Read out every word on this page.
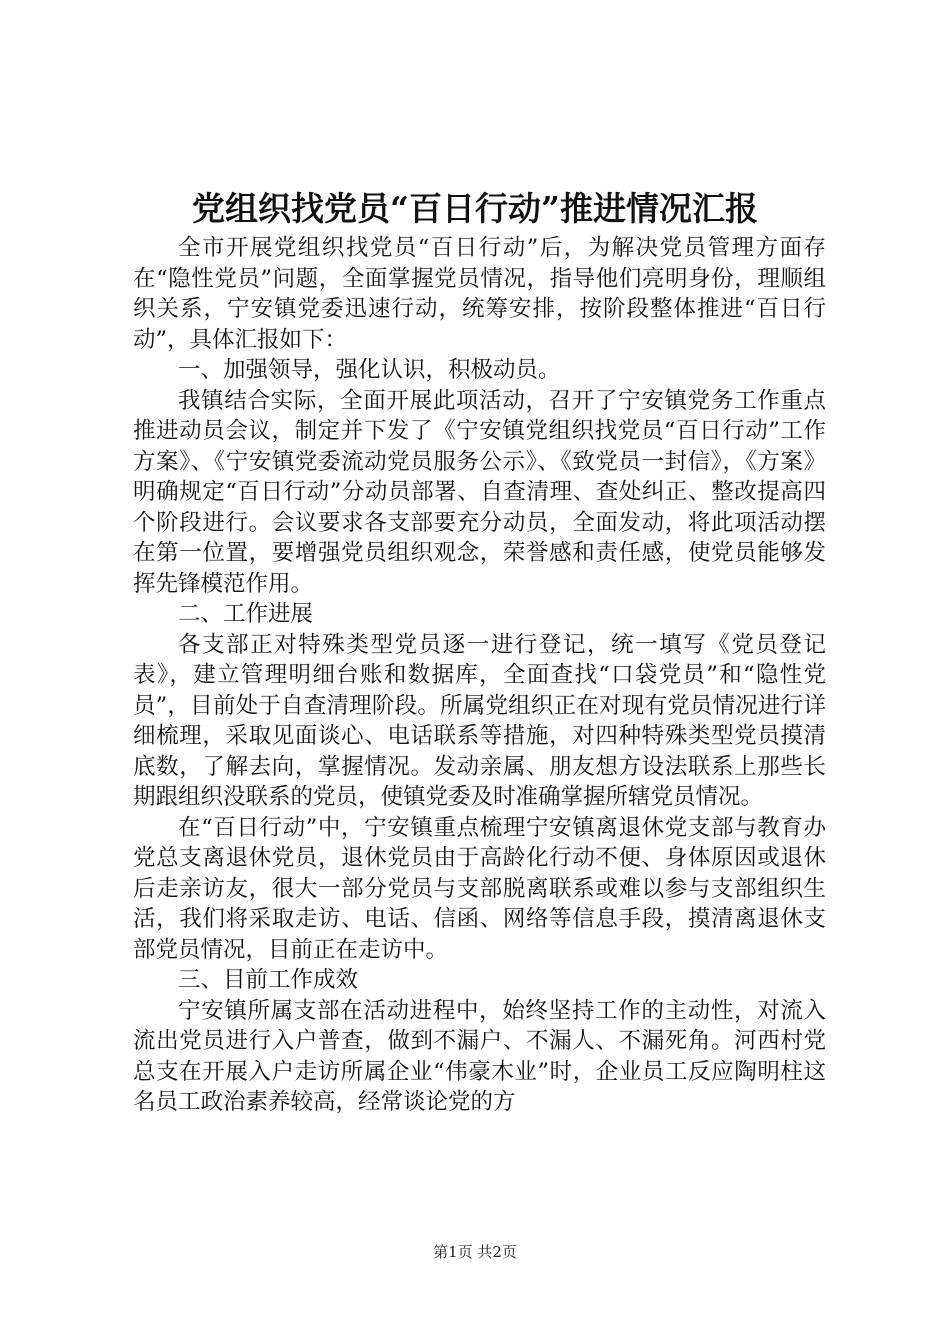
党组织找党员“百日行动”推进情况汇报

全市开展党组织找党员“百日行动”后，为解决党员管理方面存在“隐性党员”问题，全面掌握党员情况，指导他们亮明身份，理顺组织关系，宁安镇党委迅速行动，统筹安排，按阶段整体推进“百日行动”，具体汇报如下：

一、加强领导，强化认识，积极动员。

我镇结合实际，全面开展此项活动，召开了宁安镇党务工作重点推进动员会议，制定并下发了《宁安镇党组织找党员“百日行动”工作方案》、《宁安镇党委流动党员服务公示》、《致党员一封信》，《方案》明确规定“百日行动”分动员部署、自查清理、查处纠正、整改提高四个阶段进行。会议要求各支部要充分动员，全面发动，将此项活动摆在第一位置，要增强党员组织观念，荣誉感和责任感，使党员能够发挥先锋模范作用。

二、工作进展

各支部正对特殊类型党员逐一进行登记，统一填写《党员登记表》，建立管理明细台账和数据库，全面查找“口袋党员”和“隐性党员”，目前处于自查清理阶段。所属党组织正在对现有党员情况进行详细梳理，采取见面谈心、电话联系等措施，对四种特殊类型党员摸清底数，了解去向，掌握情况。发动亲属、朋友想方设法联系上那些长期跟组织没联系的党员，使镇党委及时准确掌握所辖党员情况。

在“百日行动”中，宁安镇重点梳理宁安镇离退休党支部与教育办党总支离退休党员，退休党员由于高龄化行动不便、身体原因或退休后走亲访友，很大一部分党员与支部脱离联系或难以参与支部组织生活，我们将采取走访、电话、信函、网络等信息手段，摸清离退休支部党员情况，目前正在走访中。

三、目前工作成效

宁安镇所属支部在活动进程中，始终坚持工作的主动性，对流入流出党员进行入户普查，做到不漏户、不漏人、不漏死角。河西村党总支在开展入户走访所属企业“伟豪木业”时，企业员工反应陶明柱这名员工政治素养较高，经常谈论党的方

第1页 共2页
